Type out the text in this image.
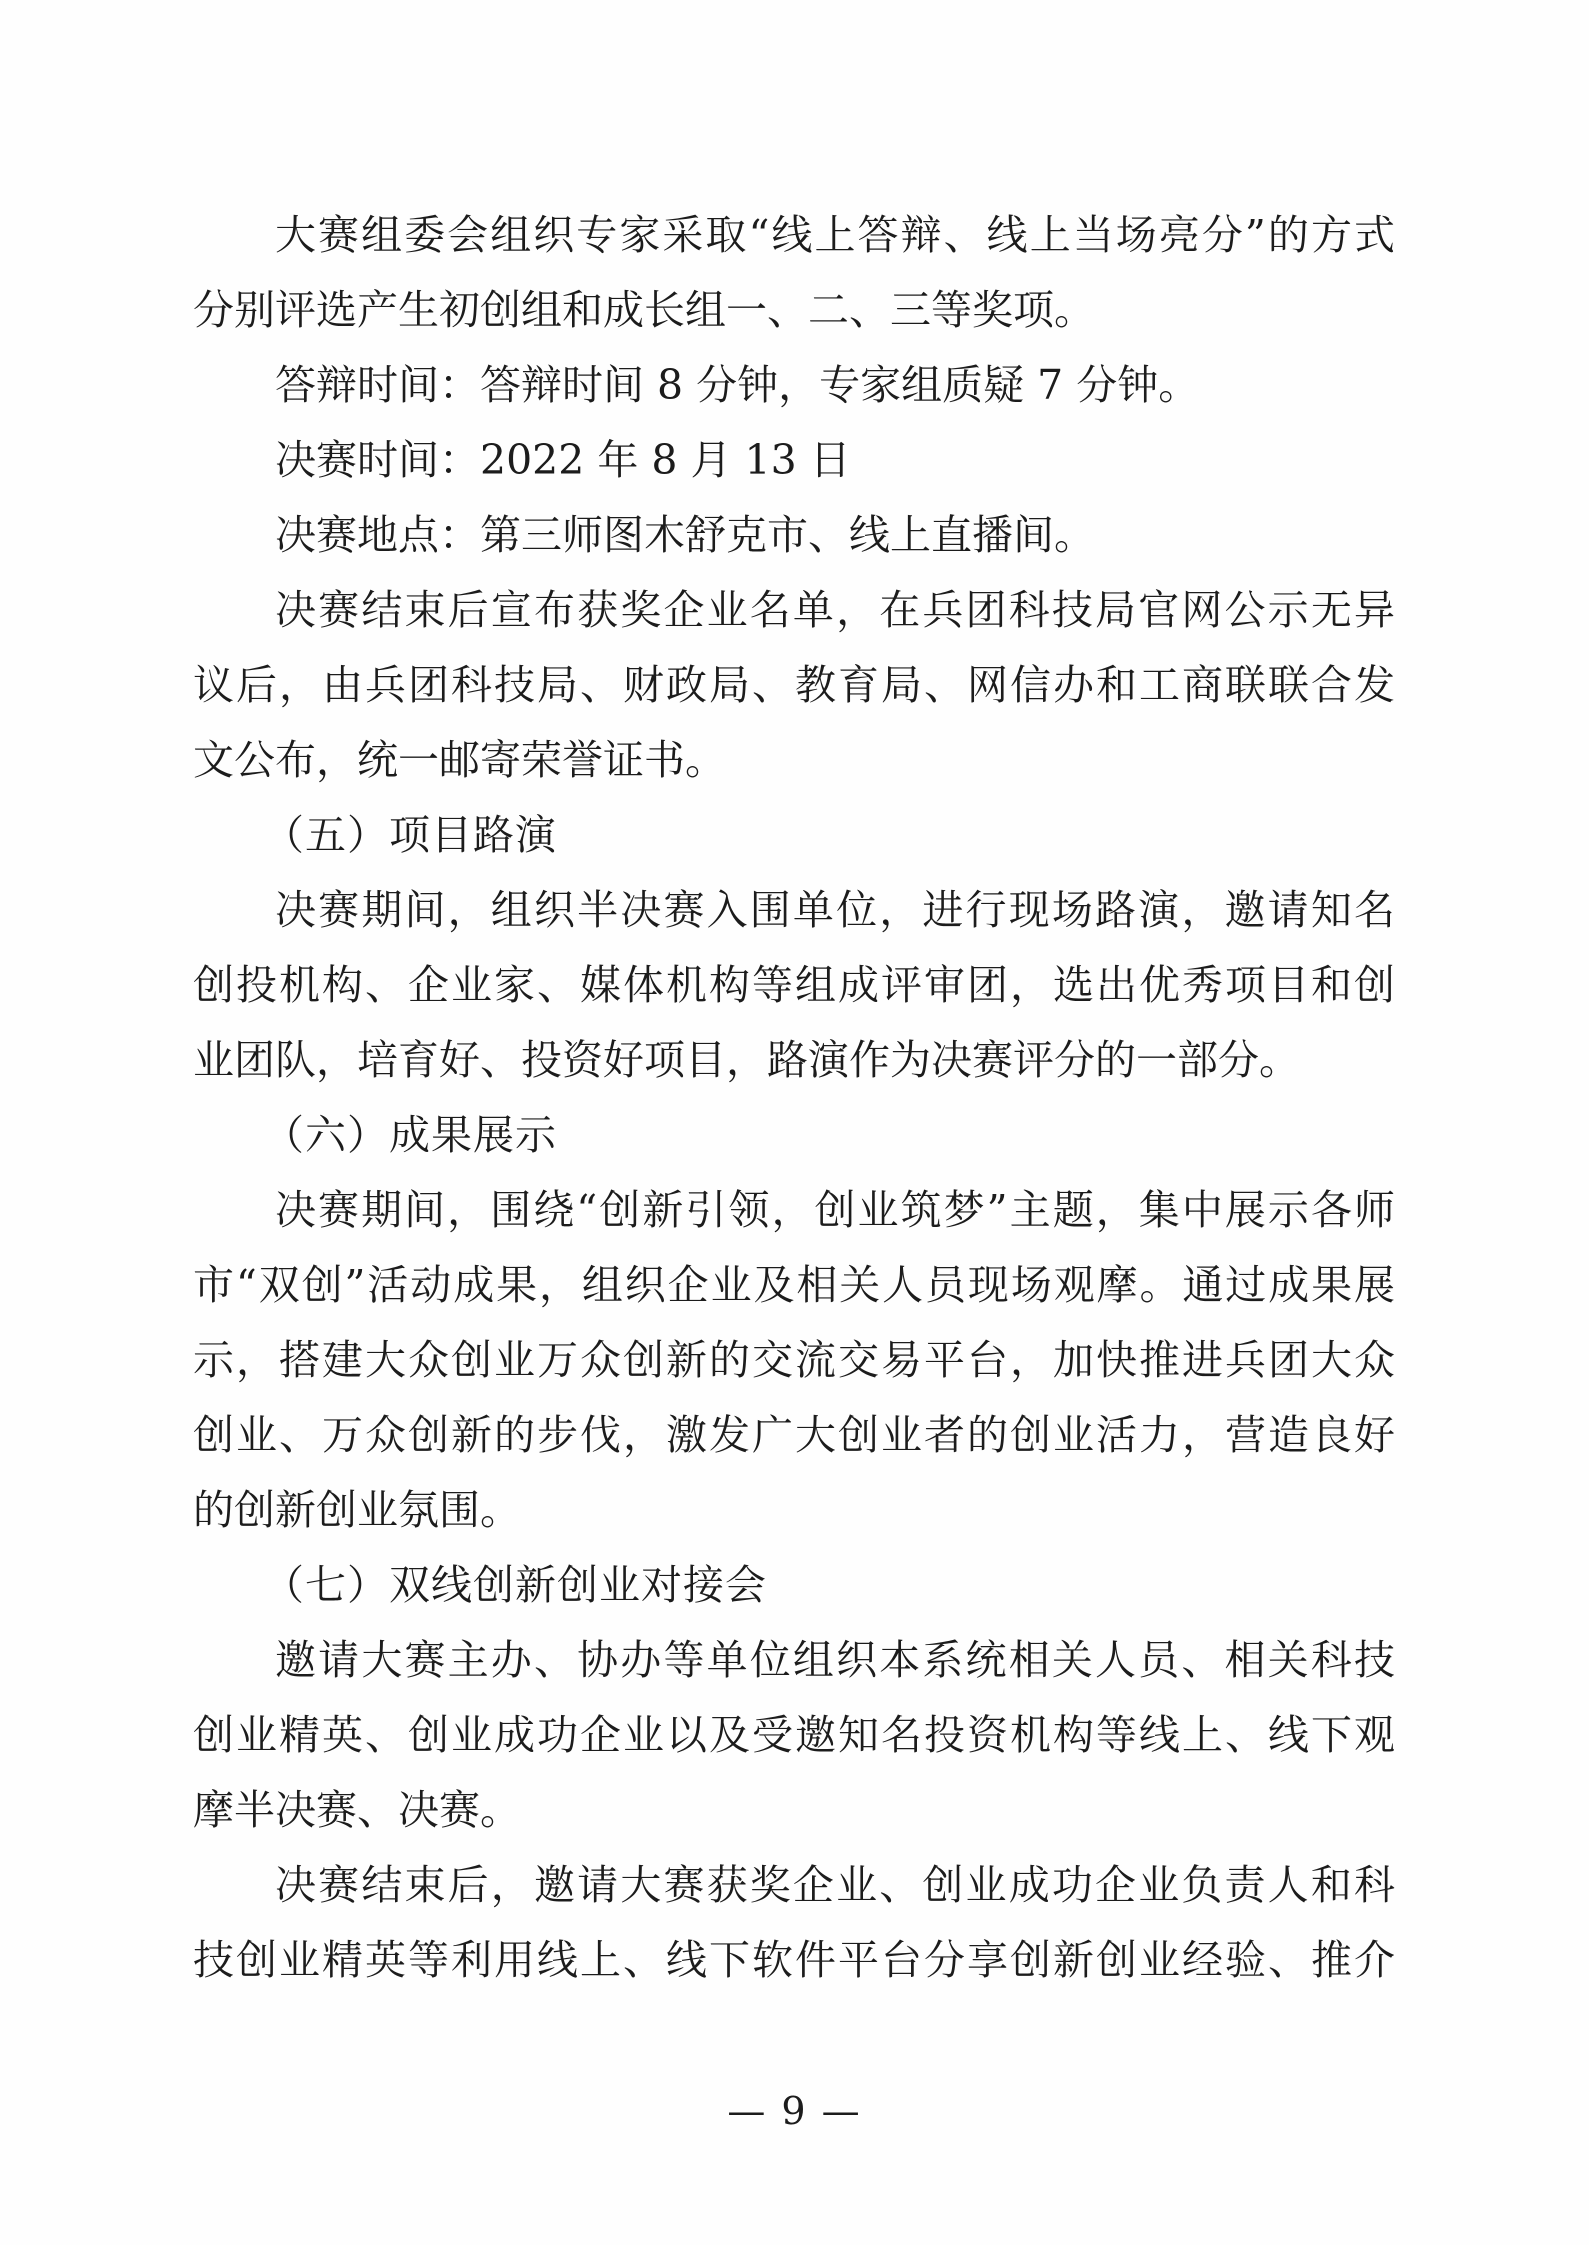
大赛组委会组织专家采取“线上答辩、线上当场亮分”的方式
分别评选产生初创组和成长组一、二、三等奖项。
答辩时间：答辩时间 8 分钟，专家组质疑 7 分钟。
决赛时间：2022 年 8 月 13 日
决赛地点：第三师图木舒克市、线上直播间。
决赛结束后宣布获奖企业名单，在兵团科技局官网公示无异
议后，由兵团科技局、财政局、教育局、网信办和工商联联合发
文公布，统一邮寄荣誉证书。
（五）项目路演
决赛期间，组织半决赛入围单位，进行现场路演，邀请知名
创投机构、企业家、媒体机构等组成评审团，选出优秀项目和创
业团队，培育好、投资好项目，路演作为决赛评分的一部分。
（六）成果展示
决赛期间，围绕“创新引领，创业筑梦”主题，集中展示各师
市“双创”活动成果，组织企业及相关人员现场观摩。通过成果展
示，搭建大众创业万众创新的交流交易平台，加快推进兵团大众
创业、万众创新的步伐，激发广大创业者的创业活力，营造良好
的创新创业氛围。
（七）双线创新创业对接会
邀请大赛主办、协办等单位组织本系统相关人员、相关科技
创业精英、创业成功企业以及受邀知名投资机构等线上、线下观
摩半决赛、决赛。
决赛结束后，邀请大赛获奖企业、创业成功企业负责人和科
技创业精英等利用线上、线下软件平台分享创新创业经验、推介
— 9 —
